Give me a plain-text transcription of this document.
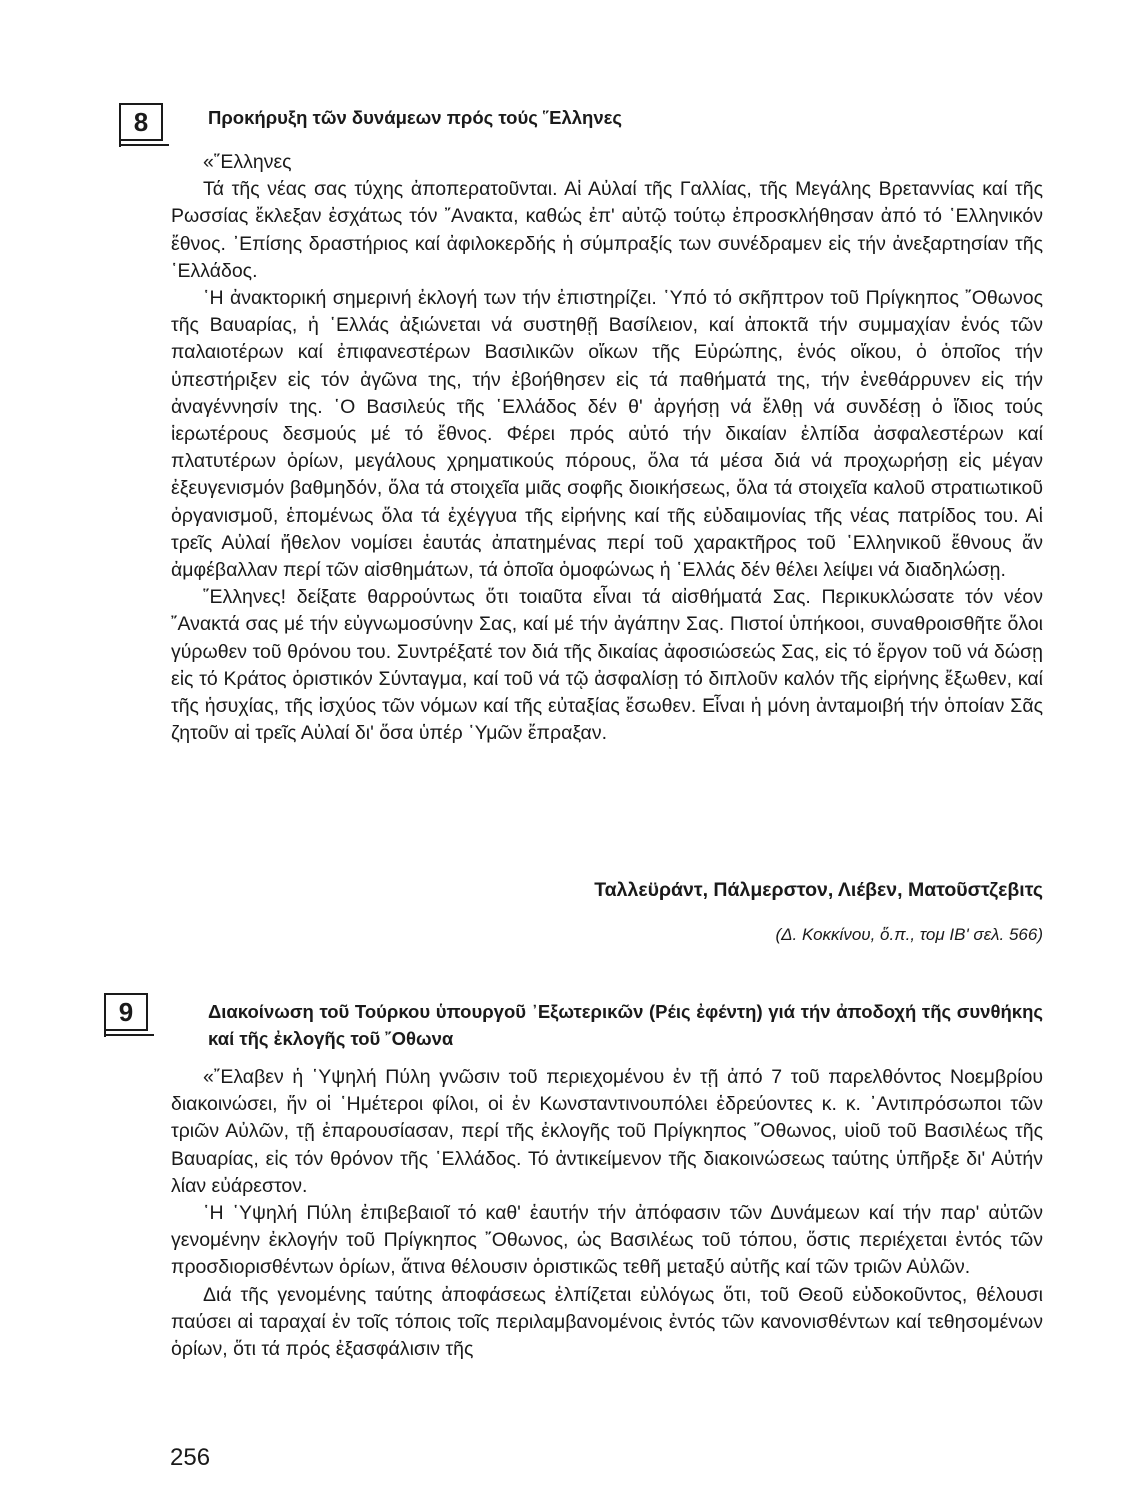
8	Προκήρυξη τῶν δυνάμεων πρός τούς ῞Ελληνες

«῞Ελληνες

Τά τῆς νέας σας τύχης ἀποπερατοῦνται. Αἱ Αὐλαί τῆς Γαλλίας, τῆς Μεγάλης Βρεταννίας καί τῆς Ρωσσίας ἔκλεξαν ἐσχάτως τόν ῎Ανακτα, καθώς ἐπ' αὐτῷ τούτῳ ἐπροσκλήθησαν ἀπό τό ῾Ελληνικόν ἔθνος. ᾿Επίσης δραστήριος καί ἀφιλοκερδής ἡ σύμπραξίς των συνέδραμεν εἰς τήν ἀνεξαρτησίαν τῆς ῾Ελλάδος.

῾Η ἀνακτορική σημερινή ἐκλογή των τήν ἐπιστηρίζει. ῾Υπό τό σκῆπτρον τοῦ Πρίγκηπος ῎Οθωνος τῆς Βαυαρίας, ἡ ῾Ελλάς ἀξιώνεται νά συστηθῇ Βασίλειον, καί ἀποκτᾶ τήν συμμαχίαν ἑνός τῶν παλαιοτέρων καί ἐπιφανεστέρων Βασιλικῶν οἴκων τῆς Εὐρώπης, ἑνός οἴκου, ὁ ὁποῖος τήν ὑπεστήριξεν εἰς τόν ἀγῶνα της, τήν ἐβοήθησεν εἰς τά παθήματά της, τήν ἐνεθάρρυνεν εἰς τήν ἀναγέννησίν της. ῾Ο Βασιλεύς τῆς ῾Ελλάδος δέν θ' ἀργήσῃ νά ἔλθῃ νά συνδέσῃ ὁ ἴδιος τούς ἱερωτέρους δεσμούς μέ τό ἔθνος. Φέρει πρός αὐτό τήν δικαίαν ἐλπίδα ἀσφαλεστέρων καί πλατυτέρων ὁρίων, μεγάλους χρηματικούς πόρους, ὅλα τά μέσα διά νά προχωρήσῃ εἰς μέγαν ἐξευγενισμόν βαθμηδόν, ὅλα τά στοιχεῖα μιᾶς σοφῆς διοικήσεως, ὅλα τά στοιχεῖα καλοῦ στρατιωτικοῦ ὀργανισμοῦ, ἑπομένως ὅλα τά ἐχέγγυα τῆς εἰρήνης καί τῆς εὐδαιμονίας τῆς νέας πατρίδος του. Αἱ τρεῖς Αὐλαί ἤθελον νομίσει ἑαυτάς ἀπατημένας περί τοῦ χαρακτῆρος τοῦ ῾Ελληνικοῦ ἔθνους ἄν ἀμφέβαλλαν περί τῶν αἰσθημάτων, τά ὁποῖα ὁμοφώνως ἡ ῾Ελλάς δέν θέλει λείψει νά διαδηλώσῃ.

῞Ελληνες! δείξατε θαρρούντως ὅτι τοιαῦτα εἶναι τά αἰσθήματά Σας. Περικυκλώσατε τόν νέον ῎Ανακτά σας μέ τήν εὐγνωμοσύνην Σας, καί μέ τήν ἀγάπην Σας. Πιστοί ὑπήκοοι, συναθροισθῆτε ὅλοι γύρωθεν τοῦ θρόνου του. Συντρέξατέ τον διά τῆς δικαίας ἀφοσιώσεώς Σας, εἰς τό ἔργον τοῦ νά δώσῃ εἰς τό Κράτος ὁριστικόν Σύνταγμα, καί τοῦ νά τῷ ἀσφαλίσῃ τό διπλοῦν καλόν τῆς εἰρήνης ἔξωθεν, καί τῆς ἡσυχίας, τῆς ἰσχύος τῶν νόμων καί τῆς εὐταξίας ἔσωθεν. Εἶναι ἡ μόνη ἀνταμοιβή τήν ὁποίαν Σᾶς ζητοῦν αἱ τρεῖς Αὐλαί δι' ὅσα ὑπέρ ῾Υμῶν ἔπραξαν.

Ταλλεϋράντ, Πάλμερστον, Λιέβεν, Ματοῦστζεβιτς
(Δ. Κοκκίνου, ὅ.π., τομ ΙΒ' σελ. 566)
9	Διακοίνωση τοῦ Τούρκου ὑπουργοῦ ᾿Εξωτερικῶν (Ρέις ἐφέντη) γιά τήν ἀποδοχή τῆς συνθήκης καί τῆς ἐκλογῆς τοῦ ῎Οθωνα

«῎Ελαβεν ἡ ῾Υψηλή Πύλη γνῶσιν τοῦ περιεχομένου ἐν τῇ ἀπό 7 τοῦ παρελθόντος Νοεμβρίου διακοινώσει, ἥν οἱ ῾Ημέτεροι φίλοι, οἱ ἐν Κωνσταντινουπόλει ἑδρεύοντες κ. κ. ᾿Αντιπρόσωποι τῶν τριῶν Αὐλῶν, τῇ ἐπαρουσίασαν, περί τῆς ἐκλογῆς τοῦ Πρίγκηπος ῎Οθωνος, υἱοῦ τοῦ Βασιλέως τῆς Βαυαρίας, εἰς τόν θρόνον τῆς ῾Ελλάδος. Τό ἀντικείμενον τῆς διακοινώσεως ταύτης ὑπῆρξε δι' Αὐτήν λίαν εὐάρεστον.

῾Η ῾Υψηλή Πύλη ἐπιβεβαιοῖ τό καθ' ἑαυτήν τήν ἀπόφασιν τῶν Δυνάμεων καί τήν παρ' αὐτῶν γενομένην ἐκλογήν τοῦ Πρίγκηπος ῎Οθωνος, ὡς Βασιλέως τοῦ τόπου, ὅστις περιέχεται ἐντός τῶν προσδιορισθέντων ὁρίων, ἅτινα θέλουσιν ὁριστικῶς τεθῆ μεταξύ αὐτῆς καί τῶν τριῶν Αὐλῶν.

Διά τῆς γενομένης ταύτης ἀποφάσεως ἐλπίζεται εὐλόγως ὅτι, τοῦ Θεοῦ εὐδοκοῦντος, θέλουσι παύσει αἱ ταραχαί ἐν τοῖς τόποις τοῖς περιλαμβανομένοις ἐντός τῶν κανονισθέντων καί τεθησομένων ὁρίων, ὅτι τά πρός ἐξασφάλισιν τῆς

256
